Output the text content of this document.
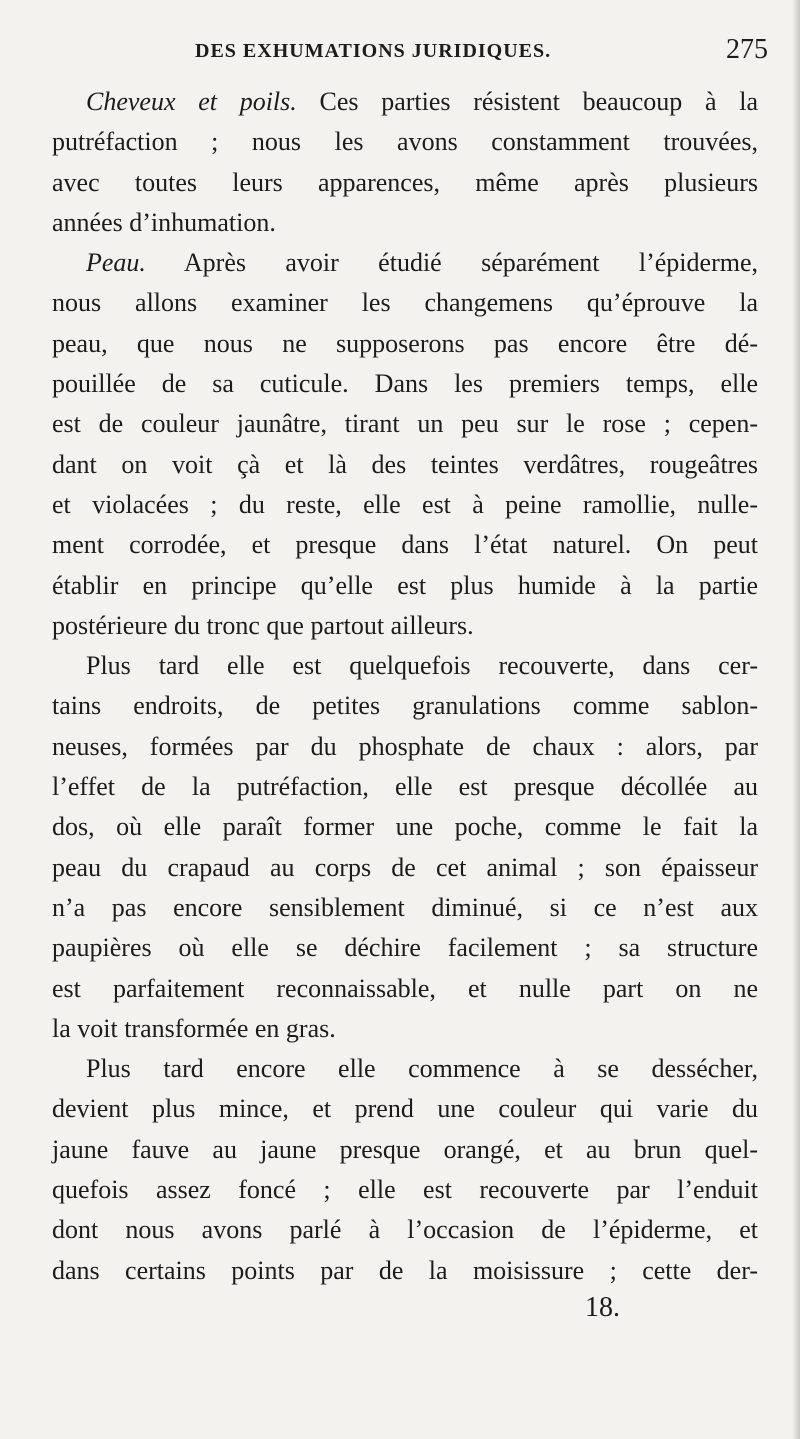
DES EXHUMATIONS JURIDIQUES.	275
Cheveux et poils. Ces parties résistent beaucoup à la
putréfaction ; nous les avons constamment trouvées,
avec toutes leurs apparences, même après plusieurs
années d’inhumation.
Peau. Après avoir étudié séparément l’épiderme,
nous allons examiner les changemens qu’éprouve la
peau, que nous ne supposerons pas encore être dé-
pouillée de sa cuticule. Dans les premiers temps, elle
est de couleur jaunâtre, tirant un peu sur le rose ; cepen-
dant on voit çà et là des teintes verdâtres, rougeâtres
et violacées ; du reste, elle est à peine ramollie, nulle-
ment corrodée, et presque dans l’état naturel. On peut
établir en principe qu’elle est plus humide à la partie
postérieure du tronc que partout ailleurs.
Plus tard elle est quelquefois recouverte, dans cer-
tains endroits, de petites granulations comme sablon-
neuses, formées par du phosphate de chaux : alors, par
l’effet de la putréfaction, elle est presque décollée au
dos, où elle paraît former une poche, comme le fait la
peau du crapaud au corps de cet animal ; son épaisseur
n’a pas encore sensiblement diminué, si ce n’est aux
paupières où elle se déchire facilement ; sa structure
est parfaitement reconnaissable, et nulle part on ne
la voit transformée en gras.
Plus tard encore elle commence à se dessécher,
devient plus mince, et prend une couleur qui varie du
jaune fauve au jaune presque orangé, et au brun quel-
quefois assez foncé ; elle est recouverte par l’enduit
dont nous avons parlé à l’occasion de l’épiderme, et
dans certains points par de la moisissure ; cette der-
18.
